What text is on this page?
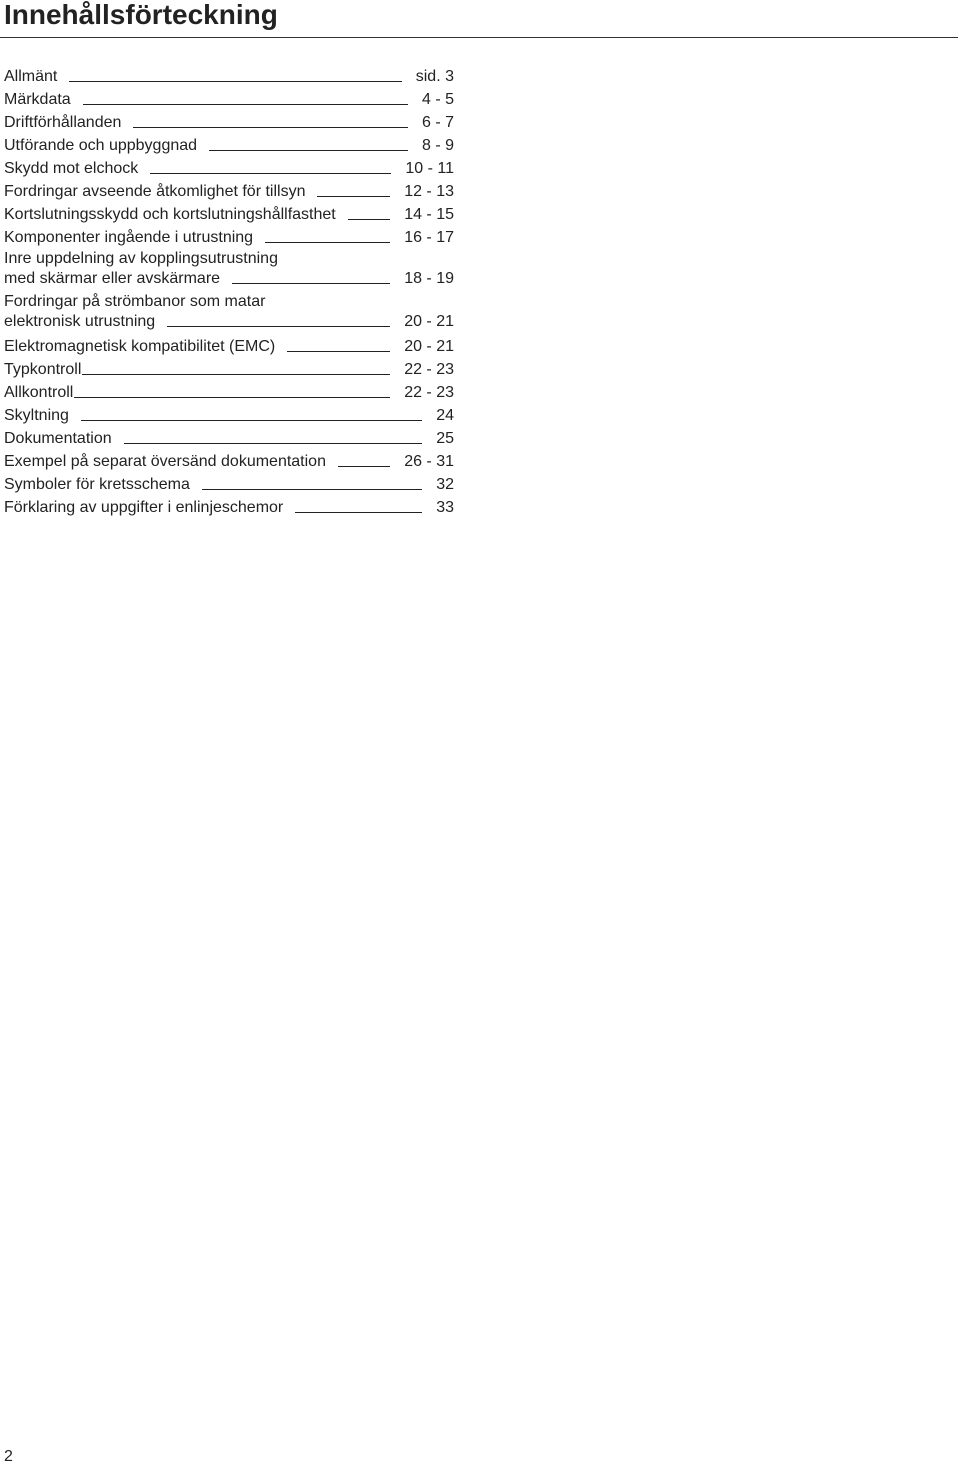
Innehållsförteckning
Allmänt	sid. 3
Märkdata	4 - 5
Driftförhållanden	6 - 7
Utförande och uppbyggnad	8 - 9
Skydd mot elchock	10 - 11
Fordringar avseende åtkomlighet för tillsyn	12 - 13
Kortslutningsskydd och kortslutningshållfasthet	14 - 15
Komponenter ingående i utrustning	16 - 17
Inre uppdelning av kopplingsutrustning
med skärmar eller avskärmare	18 - 19
Fordringar på strömbanor som matar
elektronisk utrustning	20 - 21
Elektromagnetisk kompatibilitet (EMC)	20 - 21
Typkontroll	22 - 23
Allkontroll	22 - 23
Skyltning	24
Dokumentation	25
Exempel på separat översänd dokumentation	26 - 31
Symboler för kretsschema	32
Förklaring av uppgifter i enlinjeschemor	33
2
